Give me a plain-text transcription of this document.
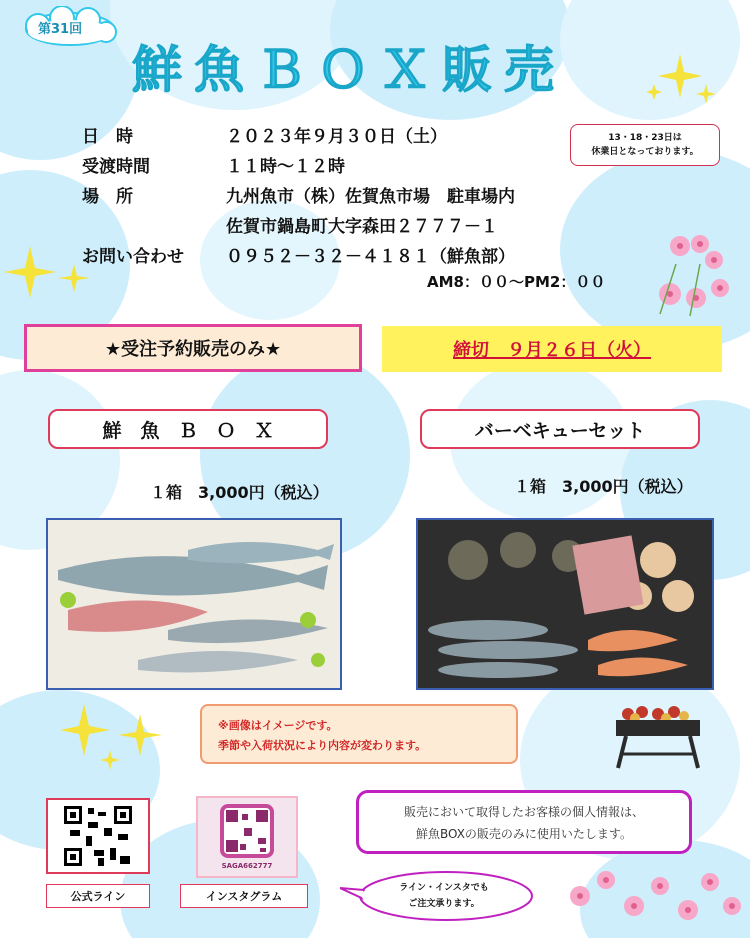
第31回
鮮魚ＢＯＸ販売
日　時	２０２３年９月３０日（土）
受渡時間	１１時～１２時
場　所	九州魚市（株）佐賀魚市場　駐車場内
佐賀市鍋島町大字森田２７７７－１
お問い合わせ ０９５２－３２－４１８１（鮮魚部）
AM8：００～PM2：００
13・18・23日は
休業日となっております。
★受注予約販売のみ★	締切　９月２６日（火）
鮮　魚　Ｂ　Ｏ　Ｘ	バーベキューセット
１箱　3,000円（税込）	１箱　3,000円（税込）
※画像はイメージです。
季節や入荷状況により内容が変わります。
SAGA662777
公式ライン	インスタグラム
販売において取得したお客様の個人情報は、
鮮魚BOXの販売のみに使用いたします。
ライン・インスタでも
ご注文承ります。
